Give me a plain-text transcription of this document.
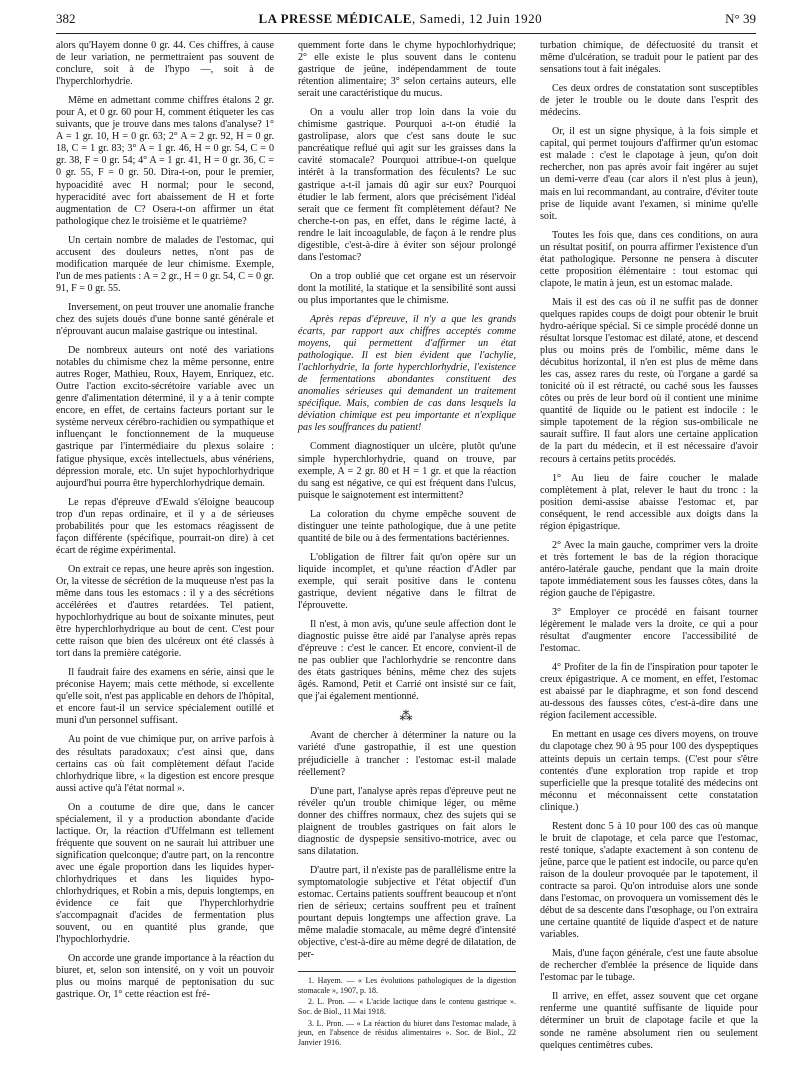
382	LA PRESSE MÉDICALE, Samedi, 12 Juin 1920	N° 39

alors qu'Hayem donne 0 gr. 44. Ces chiffres, à cause de leur variation, ne permettraient pas souvent de conclure, soit à de l'hypo —, soit à de l'hyperchlorhydrie.

Même en admettant comme chiffres étalons 2 gr. pour A, et 0 gr. 60 pour H, comment étiqueter les cas suivants, que je trouve dans mes talons d'analyse? 1° A = 1 gr. 10, H = 0 gr. 63; 2° A = 2 gr. 92, H = 0 gr. 18, C = 1 gr. 83; 3° A = 1 gr. 46, H = 0 gr. 54, C = 0 gr. 38, F = 0 gr. 54; 4° A = 1 gr. 41, H = 0 gr. 36, C = 0 gr. 55, F = 0 gr. 50. Dira-t-on, pour le premier, hypoacidité avec H normal; pour le second, hyperacidité avec fort abaissement de H et forte augmentation de C? Osera-t-on affirmer un état pathologique chez le troisième et le quatrième?

Un certain nombre de malades de l'estomac, qui accusent des douleurs nettes, n'ont pas de modification marquée de leur chimisme. Exemple, l'un de mes patients : A = 2 gr., H = 0 gr. 54, C = 0 gr. 91, F = 0 gr. 55.

Inversement, on peut trouver une anomalie franche chez des sujets doués d'une bonne santé générale et n'éprouvant aucun malaise gastrique ou intestinal.

De nombreux auteurs ont noté des variations notables du chimisme chez la même personne, entre autres Roger, Mathieu, Roux, Hayem, Enriquez, etc. Outre l'action excito-sécrétoire variable avec un genre d'alimentation déterminé, il y a à tenir compte encore, en effet, de certains facteurs portant sur le système nerveux cérébro-rachidien ou sympathique et influençant le fonctionnement de la muqueuse gastrique par l'intermédiaire du plexus solaire : fatigue physique, excès intellectuels, abus vénériens, dépression morale, etc. Un sujet hypochlorhydrique aujourd'hui pourra être hyperchlorhydrique demain.

Le repas d'épreuve d'Ewald s'éloigne beaucoup trop d'un repas ordinaire, et il y a de sérieuses probabilités pour que les estomacs réagissent de façon différente (spécifique, pourrait-on dire) à cet écart de régime expérimental.

On extrait ce repas, une heure après son ingestion. Or, la vitesse de sécrétion de la muqueuse n'est pas la même dans tous les estomacs : il y a des sécrétions accélérées et d'autres retardées. Tel patient, hypochlorhydrique au bout de soixante minutes, peut être hyperchlorhydrique au bout de cent. C'est pour cette raison que bien des ulcéreux ont été classés à tort dans la première catégorie.

Il faudrait faire des examens en série, ainsi que le préconise Hayem; mais cette méthode, si excellente qu'elle soit, n'est pas applicable en dehors de l'hôpital, et encore faut-il un service spécialement outillé et muni d'un personnel suffisant.

Au point de vue chimique pur, on arrive parfois à des résultats paradoxaux; c'est ainsi que, dans certains cas où fait complètement défaut l'acide chlorhydrique libre, « la digestion est encore presque aussi active qu'à l'état normal ».

On a coutume de dire que, dans le cancer spécialement, il y a production abondante d'acide lactique. Or, la réaction d'Uffelmann est tellement fréquente que souvent on ne saurait lui attribuer une signification quelconque; d'autre part, on la rencontre avec une égale proportion dans les liquides hyper-chlorhydriques et dans les liquides hypo-chlorhydriques, et Robin a mis, depuis longtemps, en évidence ce fait que l'hyperchlorhydrie s'accompagnait d'acides de fermentation plus souvent, ou en quantité plus grande, que l'hypochlorhydrie.

On accorde une grande importance à la réaction du biuret, et, selon son intensité, on y voit un pouvoir plus ou moins marqué de peptonisation du suc gastrique. Or, 1° cette réaction est fré-

quemment forte dans le chyme hypochlorhydrique; 2° elle existe le plus souvent dans le contenu gastrique de jeûne, indépendamment de toute rétention alimentaire; 3° selon certains auteurs, elle serait une caractéristique du mucus.

On a voulu aller trop loin dans la voie du chimisme gastrique. Pourquoi a-t-on étudié la gastrolipase, alors que c'est sans doute le suc pancréatique reflué qui agit sur les graisses dans la cavité stomacale? Pourquoi attribue-t-on quelque intérêt à la transformation des féculents? Le suc gastrique a-t-il jamais dû agir sur eux? Pourquoi étudier le lab ferment, alors que précisément l'idéal serait que ce ferment fît complètement défaut? Ne cherche-t-on pas, en effet, dans le régime lacté, à rendre le lait incoagulable, de façon à le rendre plus digestible, c'est-à-dire à éviter son séjour prolongé dans l'estomac?

On a trop oublié que cet organe est un réservoir dont la motilité, la statique et la sensibilité sont aussi ou plus importantes que le chimisme.

Après repas d'épreuve, il n'y a que les grands écarts, par rapport aux chiffres acceptés comme moyens, qui permettent d'affirmer un état pathologique. Il est bien évident que l'achylie, l'achlorhydrie, la forte hyperchlorhydrie, l'existence de fermentations abondantes constituent des anomalies sérieuses qui demandent un traitement spécifique. Mais, combien de cas dans lesquels la déviation chimique est peu importante et n'explique pas les souffrances du patient!

Comment diagnostiquer un ulcère, plutôt qu'une simple hyperchlorhydrie, quand on trouve, par exemple, A = 2 gr. 80 et H = 1 gr. et que la réaction du sang est négative, ce qui est fréquent dans l'ulcus, puisque le saignotement est intermittent?

La coloration du chyme empêche souvent de distinguer une teinte pathologique, due à une petite quantité de bile ou à des fermentations bactériennes.

L'obligation de filtrer fait qu'on opère sur un liquide incomplet, et qu'une réaction d'Adler par exemple, qui serait positive dans le contenu gastrique, devient négative dans le filtrat de l'éprouvette.

Il n'est, à mon avis, qu'une seule affection dont le diagnostic puisse être aidé par l'analyse après repas d'épreuve : c'est le cancer. Et encore, convient-il de ne pas oublier que l'achlorhydrie se rencontre dans des états gastriques bénins, même chez des sujets âgés. Ramond, Petit et Carrié ont insisté sur ce fait, que j'ai également mentionné.

⁂

Avant de chercher à déterminer la nature ou la variété d'une gastropathie, il est une question préjudicielle à trancher : l'estomac est-il malade réellement?

D'une part, l'analyse après repas d'épreuve peut ne révéler qu'un trouble chimique léger, ou même donner des chiffres normaux, chez des sujets qui se plaignent de troubles gastriques on fait alors le diagnostic de dyspepsie sensitivo-motrice, avec ou sans dilatation.

D'autre part, il n'existe pas de parallélisme entre la symptomatologie subjective et l'état objectif d'un estomac. Certains patients souffrent beaucoup et n'ont rien de sérieux; certains souffrent peu et traînent pourtant depuis longtemps une affection grave. La même maladie stomacale, au même degré d'intensité objective, c'est-à-dire au même degré de dilatation, de per-

1. Hayem. — « Les évolutions pathologiques de la digestion stomacale », 1907, p. 18.

2. L. Pron. — « L'acide lactique dans le contenu gastrique ». Soc. de Biol., 11 Mai 1918.

3. L. Pron. — « La réaction du biuret dans l'estomac malade, à jeun, en l'absence de résidus alimentaires ». Soc. de Biol., 22 Janvier 1916.

turbation chimique, de défectuosité du transit et même d'ulcération, se traduit pour le patient par des sensations tout à fait inégales.

Ces deux ordres de constatation sont susceptibles de jeter le trouble ou le doute dans l'esprit des médecins.

Or, il est un signe physique, à la fois simple et capital, qui permet toujours d'affirmer qu'un estomac est malade : c'est le clapotage à jeun, qu'on doit rechercher, non pas après avoir fait ingérer au sujet un demi-verre d'eau (car alors il n'est plus à jeun), mais en lui recommandant, au contraire, d'éviter toute prise de liquide avant l'examen, si minime qu'elle soit.

Toutes les fois que, dans ces conditions, on aura un résultat positif, on pourra affirmer l'existence d'un état pathologique. Personne ne pensera à discuter cette proposition élémentaire : tout estomac qui clapote, le matin à jeun, est un estomac malade.

Mais il est des cas où il ne suffit pas de donner quelques rapides coups de doigt pour obtenir le bruit hydro-aérique spécial. Si ce simple procédé donne un résultat lorsque l'estomac est dilaté, atone, et descend plus ou moins près de l'ombilic, même dans le décubitus horizontal, il n'en est plus de même dans les cas, assez rares du reste, où l'organe a gardé sa tonicité où il est rétracté, ou caché sous les fausses côtes ou près de leur bord où il contient une minime quantité de liquide ou le patient est indocile : le simple tapotement de la région sus-ombilicale ne saurait suffire. Il faut alors une certaine application de la part du médecin, et il est nécessaire d'avoir recours à certains petits procédés.

1° Au lieu de faire coucher le malade complètement à plat, relever le haut du tronc : la position demi-assise abaisse l'estomac et, par conséquent, le rend accessible aux doigts dans la région épigastrique.

2° Avec la main gauche, comprimer vers la droite et très fortement le bas de la région thoracique antéro-latérale gauche, pendant que la main droite tapote immédiatement sous les fausses côtes, dans la région gauche de l'épigastre.

3° Employer ce procédé en faisant tourner légèrement le malade vers la droite, ce qui a pour résultat d'augmenter encore l'accessibilité de l'estomac.

4° Profiter de la fin de l'inspiration pour tapoter le creux épigastrique. A ce moment, en effet, l'estomac est abaissé par le diaphragme, et son fond descend au-dessous des fausses côtes, c'est-à-dire dans une région facilement accessible.

En mettant en usage ces divers moyens, on trouve du clapotage chez 90 à 95 pour 100 des dyspeptiques atteints depuis un certain temps. (C'est pour s'être contentés d'une exploration trop rapide et trop superficielle que la presque totalité des médecins ont méconnu et méconnaissent cette constatation clinique.)

Restent donc 5 à 10 pour 100 des cas où manque le bruit de clapotage, et cela parce que l'estomac, resté tonique, s'adapte exactement à son contenu de jeûne, parce que le patient est indocile, ou parce qu'en raison de la douleur provoquée par le tapotement, il contracte sa paroi. Qu'on introduise alors une sonde dans l'estomac, on provoquera un vomissement dès le début de sa descente dans l'œsophage, ou l'on extraira une certaine quantité de liquide d'aspect et de nature variables.

Mais, d'une façon générale, c'est une faute absolue de rechercher d'emblée la présence de liquide dans l'estomac par le tubage.

Il arrive, en effet, assez souvent que cet organe renferme une quantité suffisante de liquide pour déterminer un bruit de clapotage facile et que la sonde ne ramène absolument rien ou seulement quelques centimètres cubes.
